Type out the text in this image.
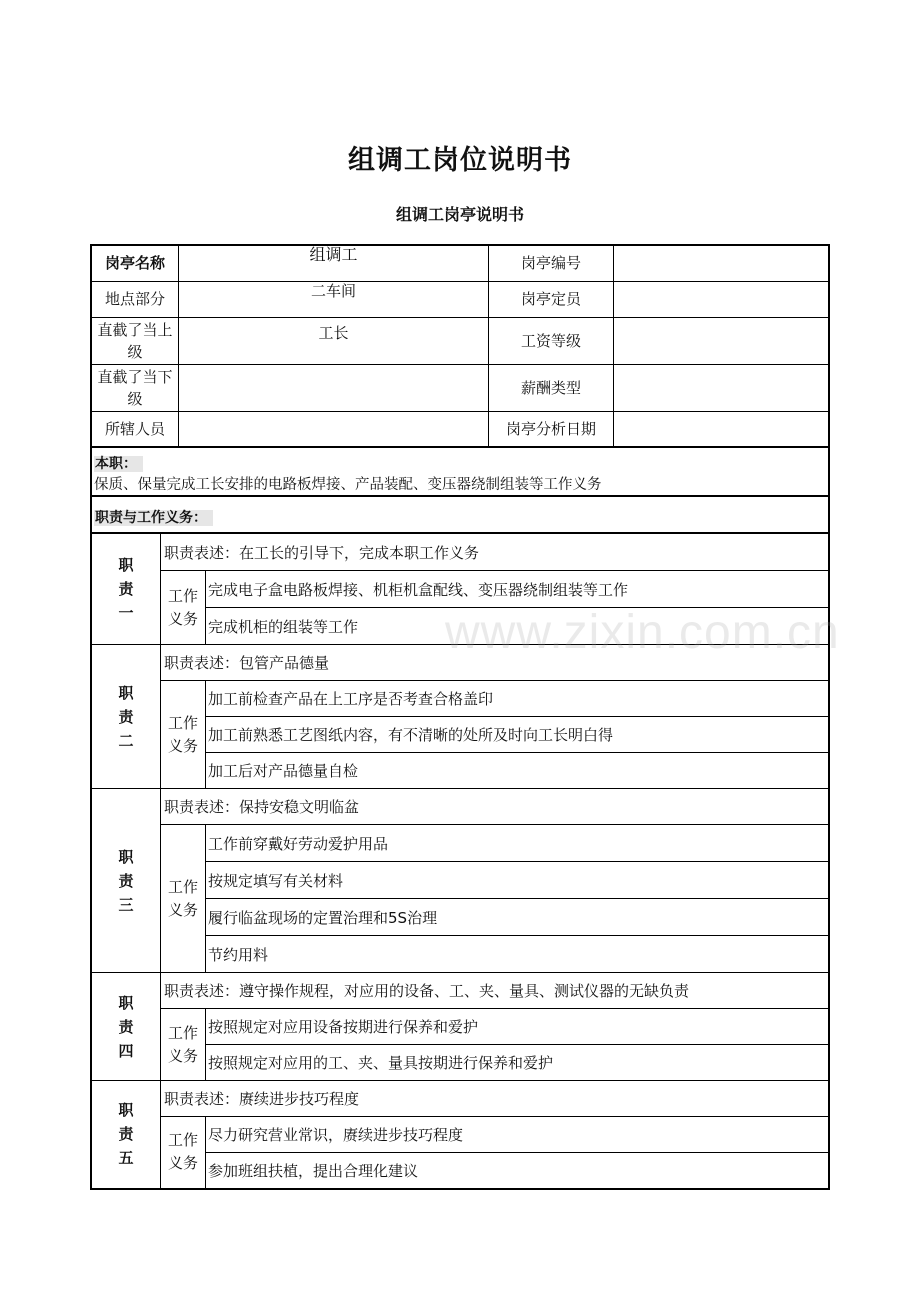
组调工岗位说明书
组调工岗亭说明书
岗亭名称	组调工	岗亭编号	
地点部分	二车间	岗亭定员	
直截了当上
级	工长	工资等级	
直截了当下
级		薪酬类型	
所辖人员		岗亭分析日期	
本职：
保质、保量完成工长安排的电路板焊接、产品装配、变压器绕制组装等工作义务
职责与工作义务：
职
责
一	职责表述：在工长的引导下，完成本职工作义务	
	工作
义务	完成电子盒电路板焊接、机柜机盒配线、变压器绕制组装等工作
		完成机柜的组装等工作
职
责
二	职责表述：包管产品德量	
	工作
义务	加工前检查产品在上工序是否考查合格盖印
		加工前熟悉工艺图纸内容，有不清晰的处所及时向工长明白得
		加工后对产品德量自检
职
责
三	职责表述：保持安稳文明临盆	
	工作
义务	工作前穿戴好劳动爱护用品
		按规定填写有关材料
		履行临盆现场的定置治理和5S治理
		节约用料
职
责
四	职责表述：遵守操作规程，对应用的设备、工、夹、量具、测试仪器的无缺负责	
	工作
义务	按照规定对应用设备按期进行保养和爱护
		按照规定对应用的工、夹、量具按期进行保养和爱护
职
责
五	职责表述：赓续进步技巧程度	
	工作
义务	尽力研究营业常识，赓续进步技巧程度
		参加班组扶植，提出合理化建议
www.zixin.com.cn
